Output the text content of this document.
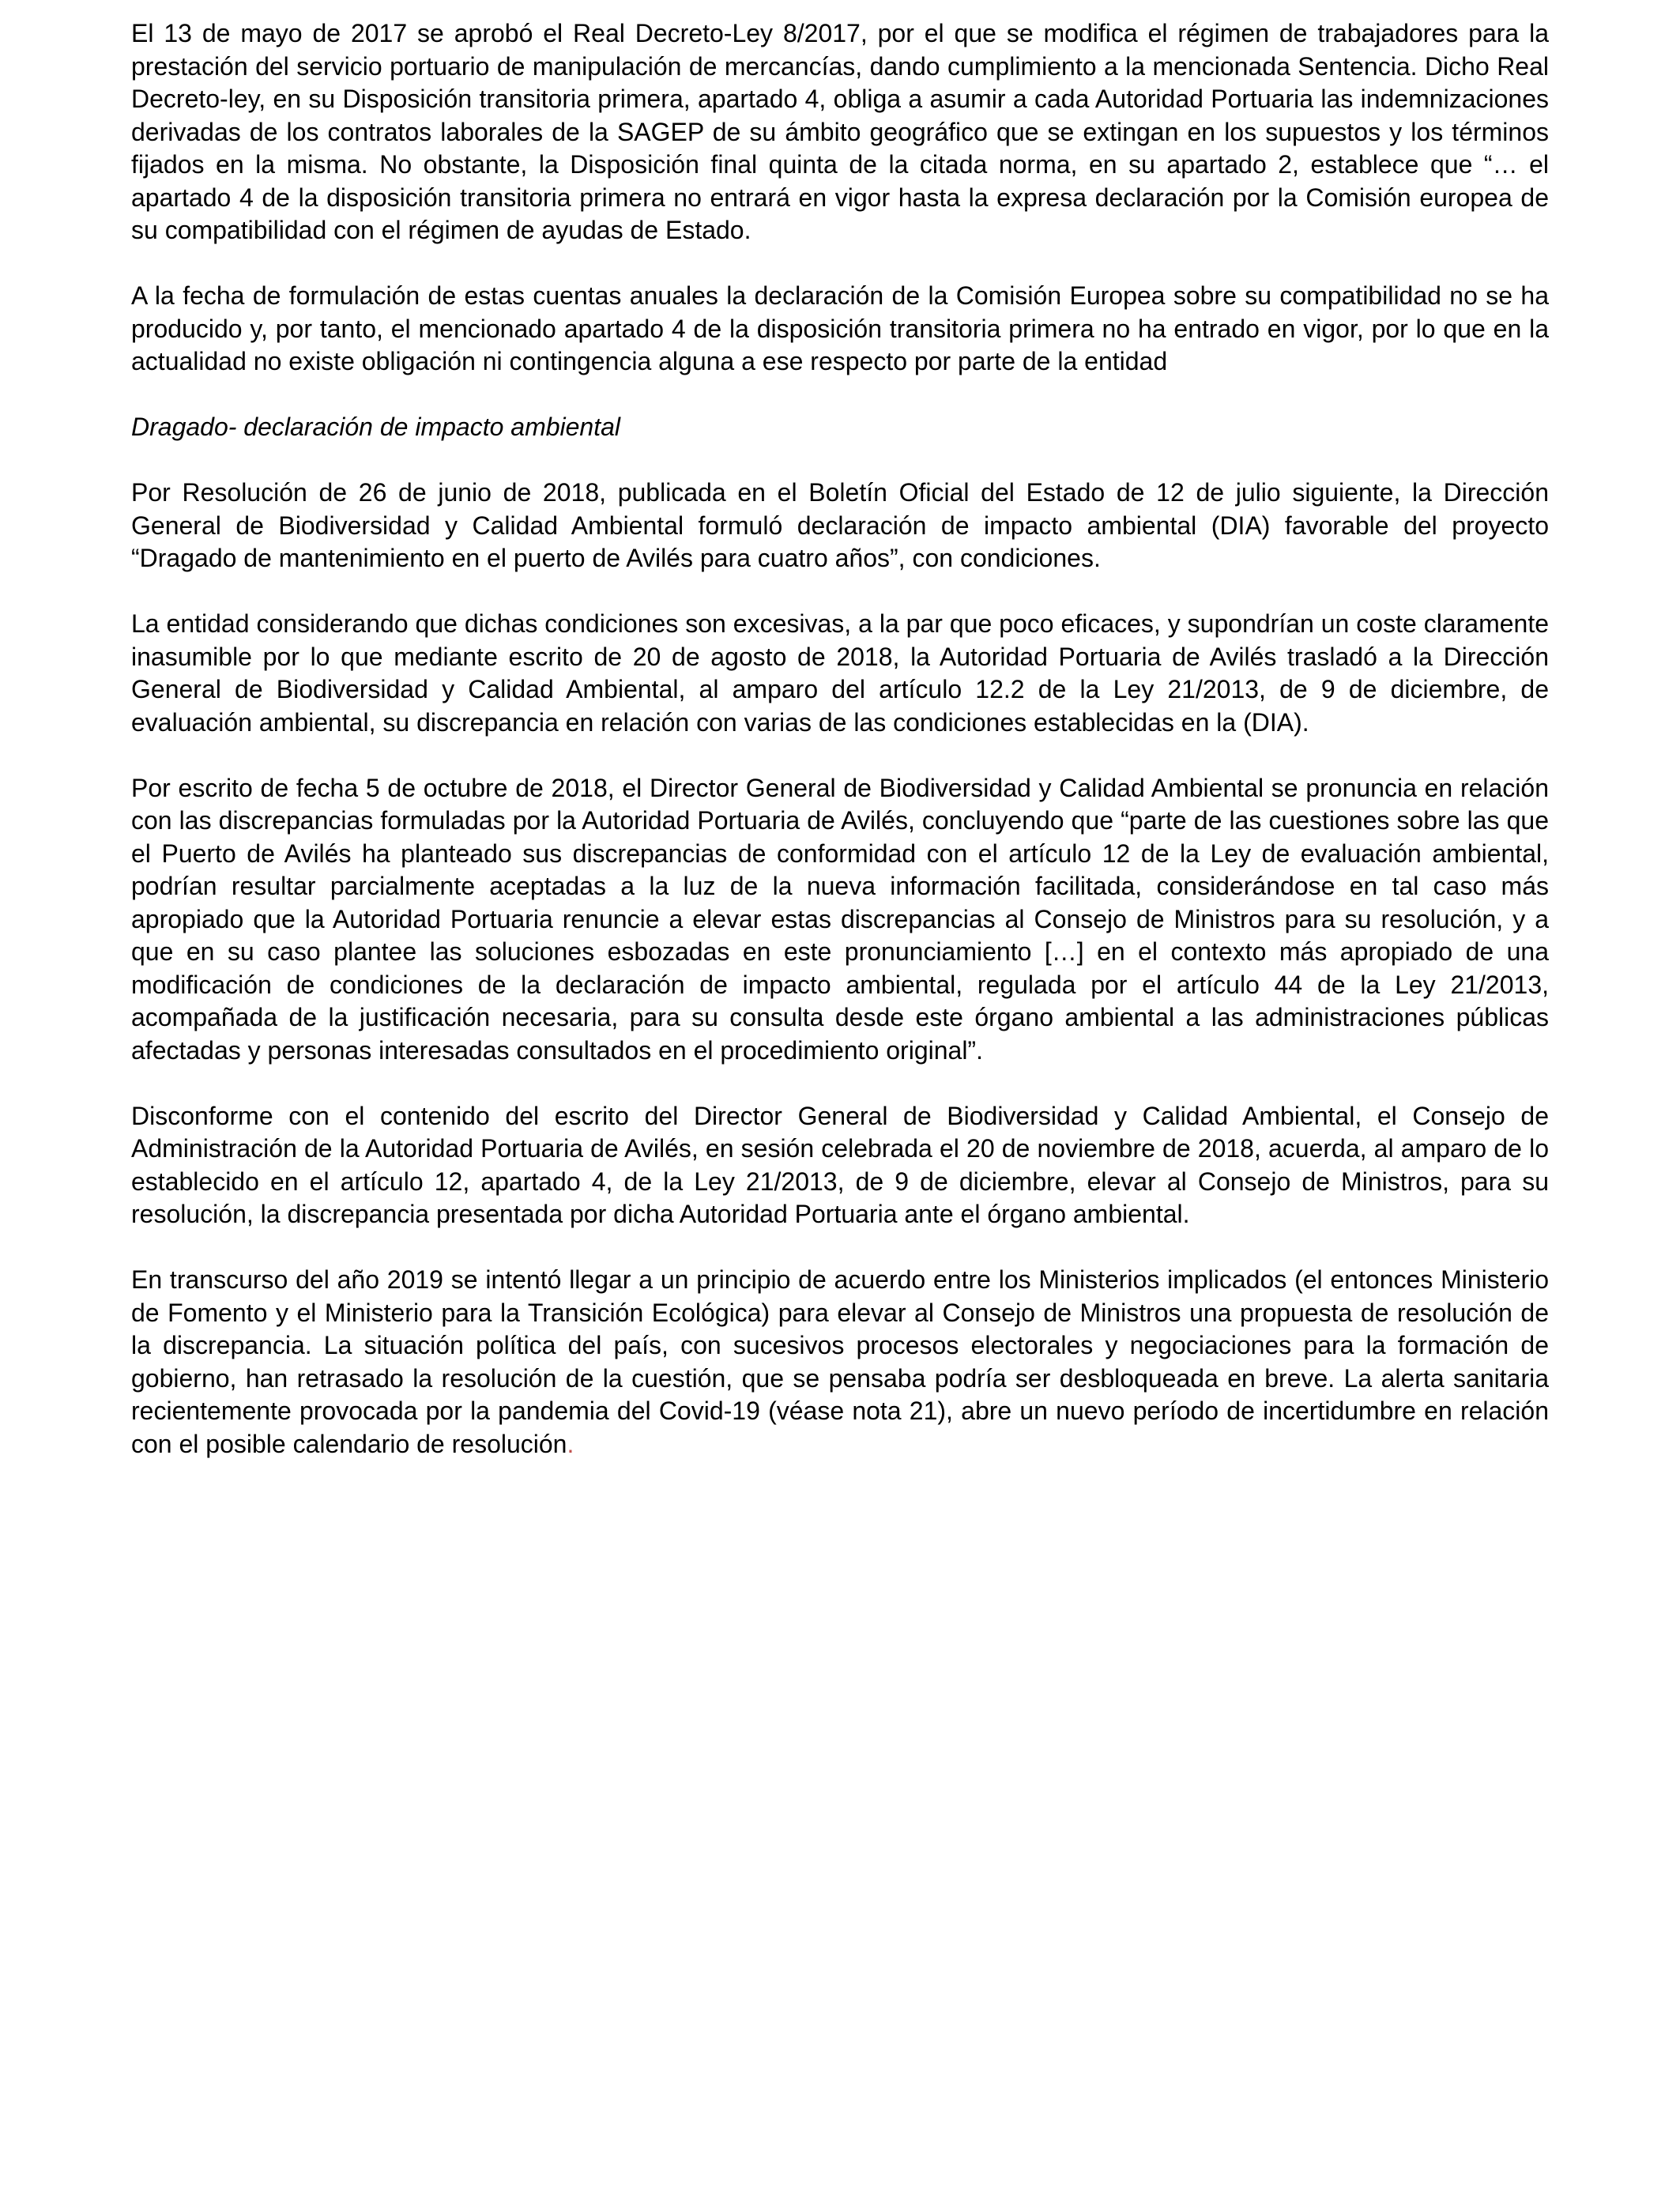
El 13 de mayo de 2017 se aprobó el Real Decreto-Ley 8/2017, por el que se modifica el régimen de trabajadores para la prestación del servicio portuario de manipulación de mercancías, dando cumplimiento a la mencionada Sentencia. Dicho Real Decreto-ley, en su Disposición transitoria primera, apartado 4, obliga a asumir a cada Autoridad Portuaria las indemnizaciones derivadas de los contratos laborales de la SAGEP de su ámbito geográfico que se extingan en los supuestos y los términos fijados en la misma. No obstante, la Disposición final quinta de la citada norma, en su apartado 2, establece que “… el apartado 4 de la disposición transitoria primera no entrará en vigor hasta la expresa declaración por la Comisión europea de su compatibilidad con el régimen de ayudas de Estado.

A la fecha de formulación de estas cuentas anuales la declaración de la Comisión Europea sobre su compatibilidad no se ha producido y, por tanto, el mencionado apartado 4 de la disposición transitoria primera no ha entrado en vigor, por lo que en la actualidad no existe obligación ni contingencia alguna a ese respecto por parte de la entidad

Dragado- declaración de impacto ambiental

Por Resolución de 26 de junio de 2018, publicada en el Boletín Oficial del Estado de 12 de julio siguiente, la Dirección General de Biodiversidad y Calidad Ambiental formuló declaración de impacto ambiental (DIA) favorable del proyecto “Dragado de mantenimiento en el puerto de Avilés para cuatro años”, con condiciones.

La entidad considerando que dichas condiciones son excesivas, a la par que poco eficaces, y supondrían un coste claramente inasumible por lo que mediante escrito de 20 de agosto de 2018, la Autoridad Portuaria de Avilés trasladó a la Dirección General de Biodiversidad y Calidad Ambiental, al amparo del artículo 12.2 de la Ley 21/2013, de 9 de diciembre, de evaluación ambiental, su discrepancia en relación con varias de las condiciones establecidas en la (DIA).

Por escrito de fecha 5 de octubre de 2018, el Director General de Biodiversidad y Calidad Ambiental se pronuncia en relación con las discrepancias formuladas por la Autoridad Portuaria de Avilés, concluyendo que “parte de las cuestiones sobre las que el Puerto de Avilés ha planteado sus discrepancias de conformidad con el artículo 12 de la Ley de evaluación ambiental, podrían resultar parcialmente aceptadas a la luz de la nueva información facilitada, considerándose en tal caso más apropiado que la Autoridad Portuaria renuncie a elevar estas discrepancias al Consejo de Ministros para su resolución, y a que en su caso plantee las soluciones esbozadas en este pronunciamiento […] en el contexto más apropiado de una modificación de condiciones de la declaración de impacto ambiental, regulada por el artículo 44 de la Ley 21/2013, acompañada de la justificación necesaria, para su consulta desde este órgano ambiental a las administraciones públicas afectadas y personas interesadas consultados en el procedimiento original”.

Disconforme con el contenido del escrito del Director General de Biodiversidad y Calidad Ambiental, el Consejo de Administración de la Autoridad Portuaria de Avilés, en sesión celebrada el 20 de noviembre de 2018, acuerda, al amparo de lo establecido en el artículo 12, apartado 4, de la Ley 21/2013, de 9 de diciembre, elevar al Consejo de Ministros, para su resolución, la discrepancia presentada por dicha Autoridad Portuaria ante el órgano ambiental.

En transcurso del año 2019 se intentó llegar a un principio de acuerdo entre los Ministerios implicados (el entonces Ministerio de Fomento y el Ministerio para la Transición Ecológica) para elevar al Consejo de Ministros una propuesta de resolución de la discrepancia. La situación política del país, con sucesivos procesos electorales y negociaciones para la formación de gobierno, han retrasado la resolución de la cuestión, que se pensaba podría ser desbloqueada en breve. La alerta sanitaria recientemente provocada por la pandemia del Covid-19 (véase nota 21), abre un nuevo período de incertidumbre en relación con el posible calendario de resolución.
